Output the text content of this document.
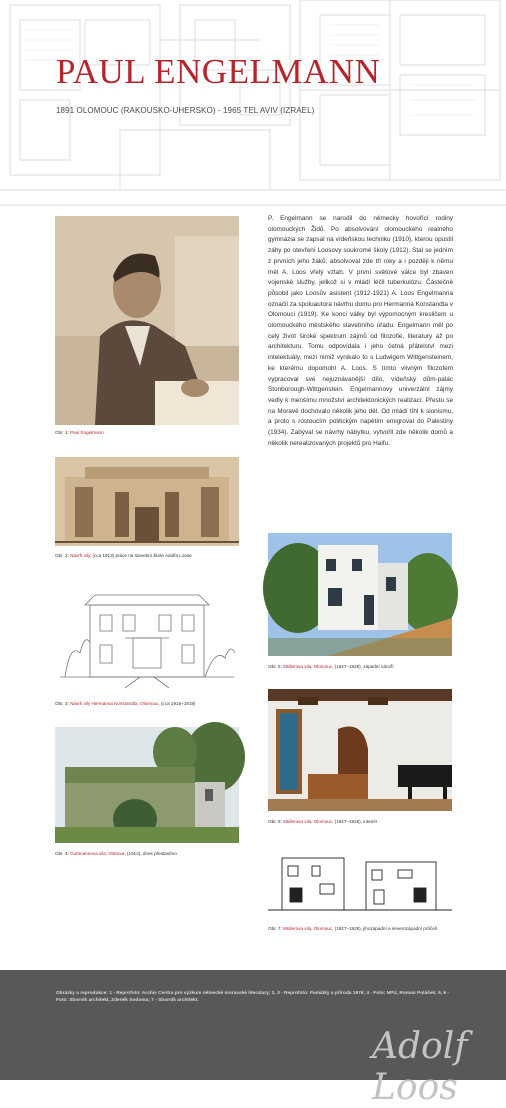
PAUL ENGELMANN
1891 OLOMOUC (RAKOUSKO-UHERSKO) - 1965 TEL AVIV (IZRAEL)
Obr. 1: Paul Engelmann
Obr. 2: Návrh vily, (cca 1913) práce na stavební škole Adolfa Loose
Obr. 3: Návrh vily Hermanna Konstandta, Olomouc, (cca 1916–1919)
Obr. 4: Guttmannova vila, Ostrava, (1912), dnes přestavěno
P. Engelmann se narodil do německy hovořící rodiny olomouckých Židů. Po absolvování olomouckého reálného gymnázia se zapsal na vídeňskou techniku (1910), kterou opustil záhy po otevření Loosovy soukromé školy (1912). Stal se jedním z prvních jeho žáků; absolvoval zde tři roky a i později k němu měl A. Loos vřelý vztah. V první světové válce byl zbaven vojenské služby, jelikož si v mládí léčil tuberkulózu. Částečně působil jako Loosův asistent (1912-1921) A. Loos Engelmanna označil za spoluautora návrhu domu pro Hermanna Konstandta v Olomouci (1919). Ke konci války byl výpomocným kresličem u olomouckého městského stavebního úřadu. Engelmann měl po celý život široké spektrum zájmů od filozofie, literatury až po architekturu. Tomu odpovídala i jeho četná přátelství mezi intelektuály, mezi nimiž vynikalo to s Ludwigem Wittgensteinem, ke kterému dopomohl A. Loos. S tímto vlivným filozofem vypracoval své nejuznávanější dílo, vídeňský dům-palác Stonborough-Wittgenstein. Engelmannovy univerzální zájmy vedly k menšímu množství architektonických realizací. Přesto se na Moravě dochovalo několik jeho děl. Od mládí tíhl k sionismu, a proto s rostoucím politickým napětím emigroval do Palestiny (1934). Zabýval se návrhy nábytku, vytvořil zde několik domů a několik nerealizovaných projektů pro Haifu.
Obr. 5: Müllerova vila, Olomouc, (1927–1928), západní nároží
Obr. 6: Müllerova vila, Olomouc, (1927–1928), interiér
Obr. 7: Müllerova vila, Olomouc, (1927–1928), jihozápadní a severozápadní průčelí
Obrázky a reprodukce: 1 - Reprofoto: Archiv Centra pro výzkum německé moravské literatury; 2, 3 - Reprofoto: Památky a příroda 1976; 4 - Foto: NPÚ, Roman Polášek; 5, 6 - Foto: Sborník architekt, Zdeněk Sodoma; 7 - Sborník architekt.
Adolf Loos
